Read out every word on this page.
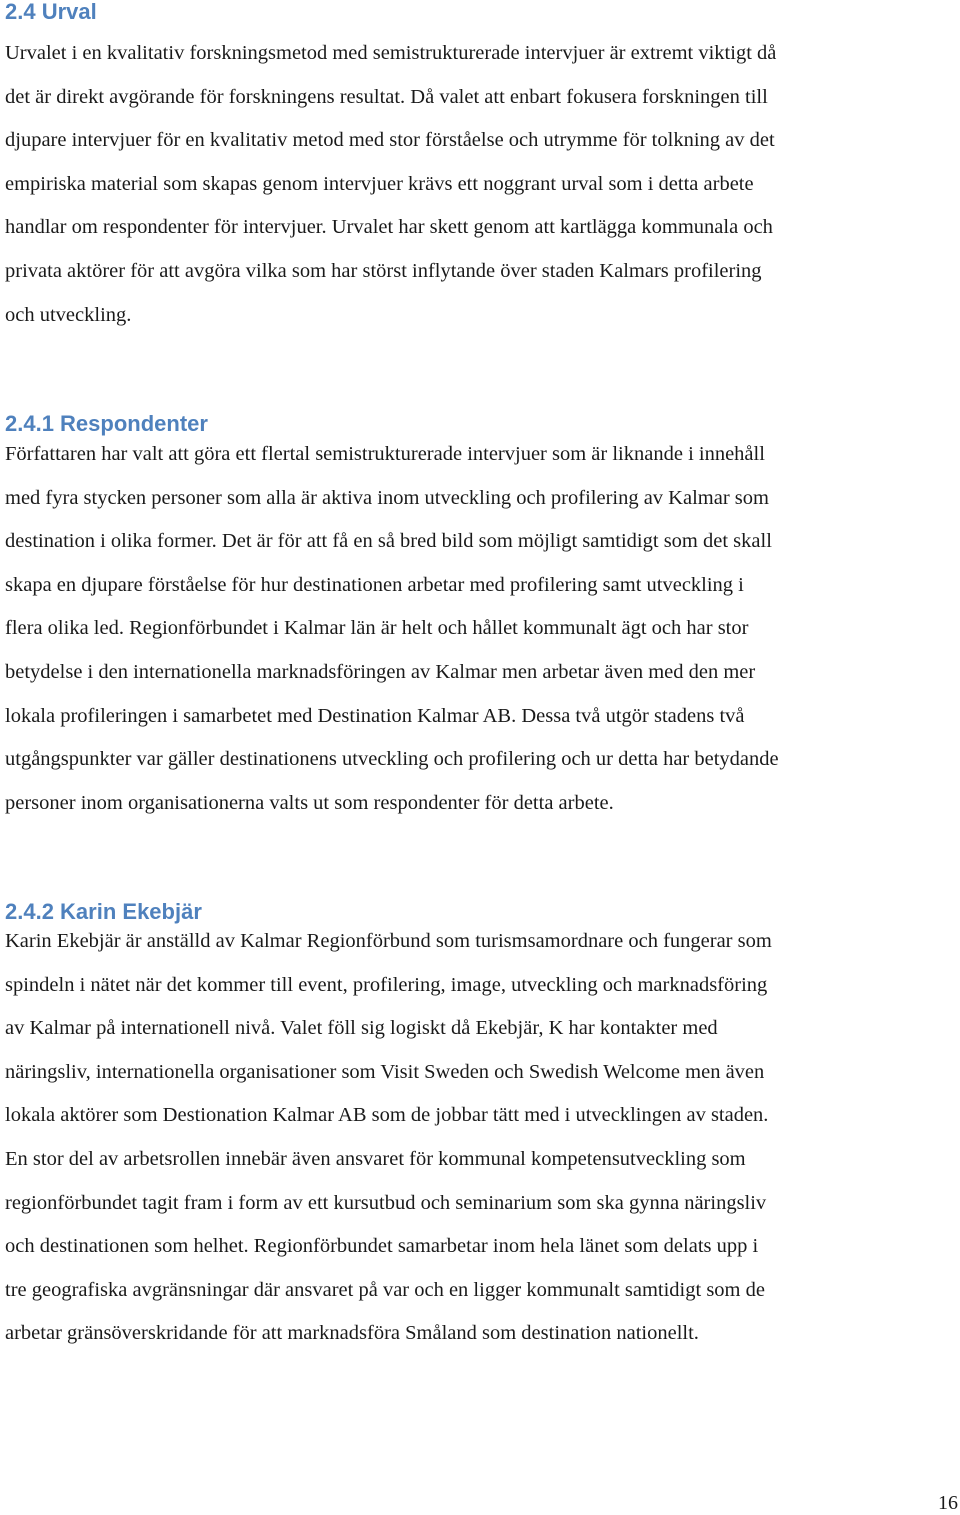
2.4 Urval
Urvalet i en kvalitativ forskningsmetod med semistrukturerade intervjuer är extremt viktigt då
det är direkt avgörande för forskningens resultat. Då valet att enbart fokusera forskningen till
djupare intervjuer för en kvalitativ metod med stor förståelse och utrymme för tolkning av det
empiriska material som skapas genom intervjuer krävs ett noggrant urval som i detta arbete
handlar om respondenter för intervjuer. Urvalet har skett genom att kartlägga kommunala och
privata aktörer för att avgöra vilka som har störst inflytande över staden Kalmars profilering
och utveckling.
2.4.1 Respondenter
Författaren har valt att göra ett flertal semistrukturerade intervjuer som är liknande i innehåll
med fyra stycken personer som alla är aktiva inom utveckling och profilering av Kalmar som
destination i olika former. Det är för att få en så bred bild som möjligt samtidigt som det skall
skapa en djupare förståelse för hur destinationen arbetar med profilering samt utveckling i
flera olika led. Regionförbundet i Kalmar län är helt och hållet kommunalt ägt och har stor
betydelse i den internationella marknadsföringen av Kalmar men arbetar även med den mer
lokala profileringen i samarbetet med Destination Kalmar AB. Dessa två utgör stadens två
utgångspunkter var gäller destinationens utveckling och profilering och ur detta har betydande
personer inom organisationerna valts ut som respondenter för detta arbete.
2.4.2 Karin Ekebjär
Karin Ekebjär är anställd av Kalmar Regionförbund som turismsamordnare och fungerar som
spindeln i nätet när det kommer till event, profilering, image, utveckling och marknadsföring
av Kalmar på internationell nivå. Valet föll sig logiskt då Ekebjär, K har kontakter med
näringsliv, internationella organisationer som Visit Sweden och Swedish Welcome men även
lokala aktörer som Destionation Kalmar AB som de jobbar tätt med i utvecklingen av staden.
En stor del av arbetsrollen innebär även ansvaret för kommunal kompetensutveckling som
regionförbundet tagit fram i form av ett kursutbud och seminarium som ska gynna näringsliv
och destinationen som helhet. Regionförbundet samarbetar inom hela länet som delats upp i
tre geografiska avgränsningar där ansvaret på var och en ligger kommunalt samtidigt som de
arbetar gränsöverskridande för att marknadsföra Småland som destination nationellt.
16
